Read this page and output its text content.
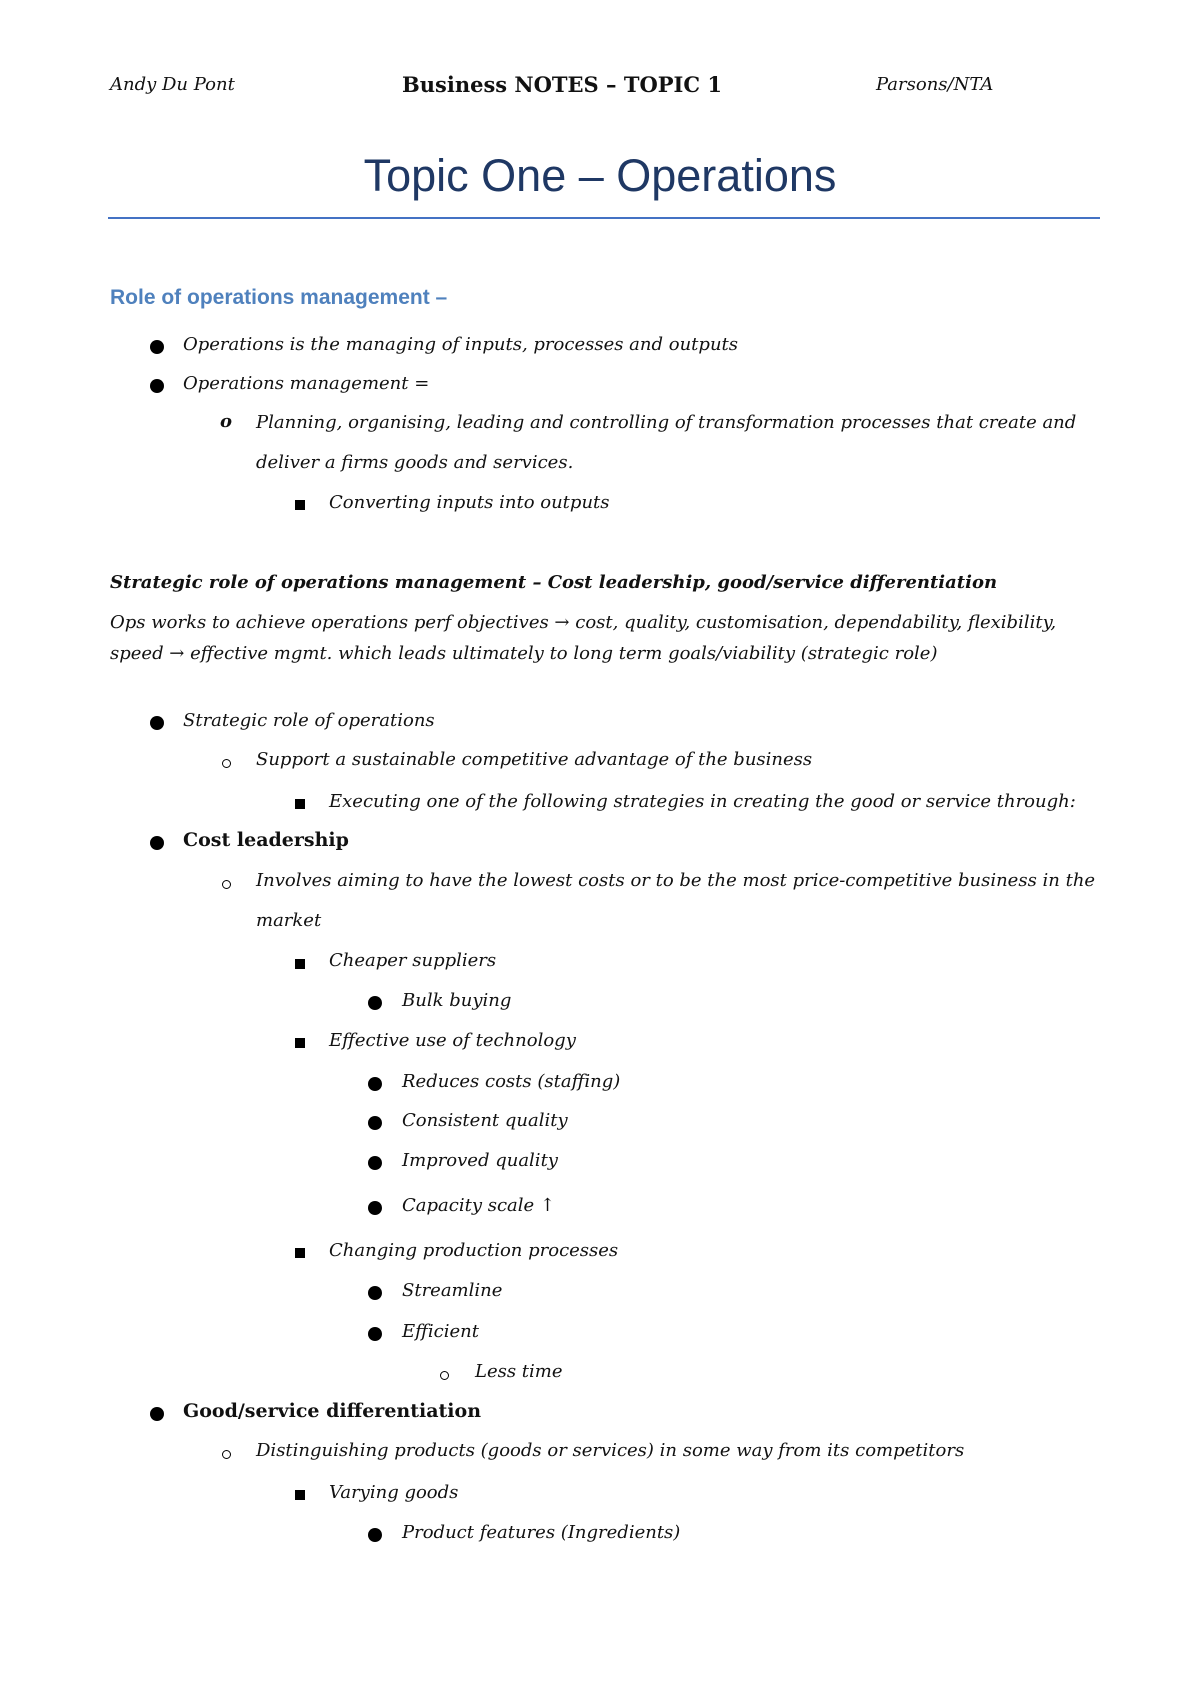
Andy Du Pont	Business NOTES – TOPIC 1	Parsons/NTA
Topic One – Operations
Role of operations management –
Operations is the managing of inputs, processes and outputs
Operations management =
o Planning, organising, leading and controlling of transformation processes that create and
deliver a firms goods and services.
Converting inputs into outputs
Strategic role of operations management – Cost leadership, good/service differentiation
Ops works to achieve operations perf objectives → cost, quality, customisation, dependability, flexibility,
speed → effective mgmt. which leads ultimately to long term goals/viability (strategic role)
Strategic role of operations
Support a sustainable competitive advantage of the business
Executing one of the following strategies in creating the good or service through:
Cost leadership
Involves aiming to have the lowest costs or to be the most price-competitive business in the
market
Cheaper suppliers
Bulk buying
Effective use of technology
Reduces costs (staffing)
Consistent quality
Improved quality
Capacity scale ↑
Changing production processes
Streamline
Efficient
Less time
Good/service differentiation
Distinguishing products (goods or services) in some way from its competitors
Varying goods
Product features (Ingredients)
